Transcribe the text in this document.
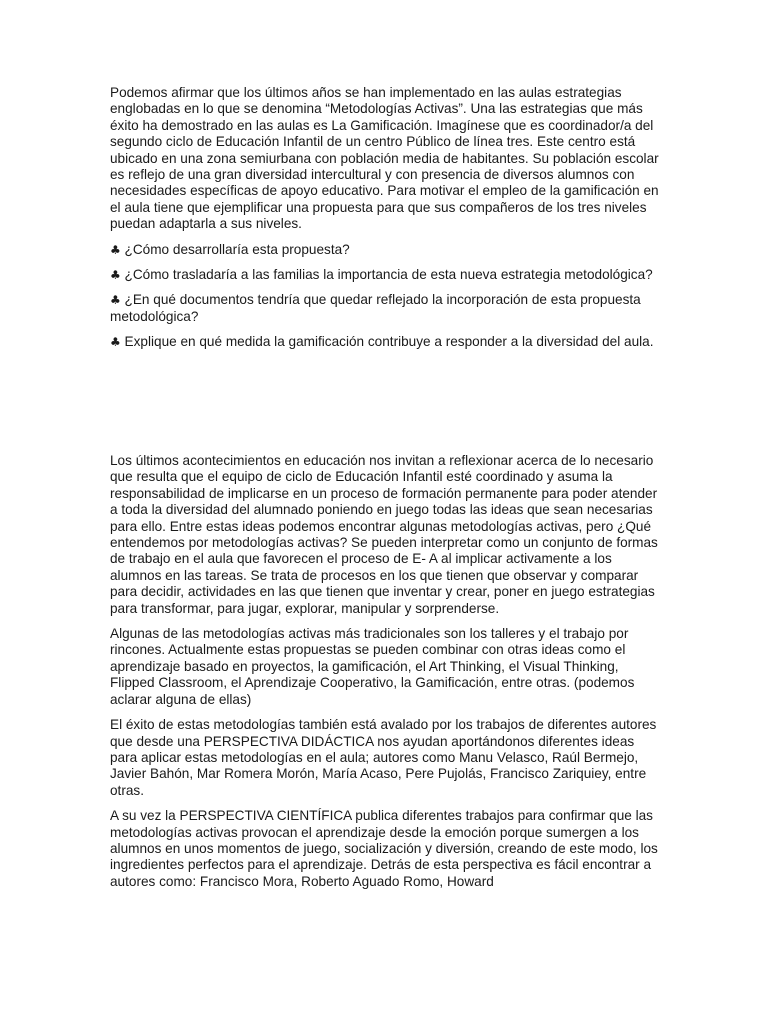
Podemos afirmar que los últimos años se han implementado en las aulas estrategias englobadas en lo que se denomina “Metodologías Activas”. Una las estrategias que más éxito ha demostrado en las aulas es La Gamificación. Imagínese que es coordinador/a del segundo ciclo de Educación Infantil de un centro Público de línea tres. Este centro está ubicado en una zona semiurbana con población media de habitantes. Su población escolar es reflejo de una gran diversidad intercultural y con presencia de diversos alumnos con necesidades específicas de apoyo educativo. Para motivar el empleo de la gamificación en el aula tiene que ejemplificar una propuesta para que sus compañeros de los tres niveles puedan adaptarla a sus niveles.

♣ ¿Cómo desarrollaría esta propuesta?

♣ ¿Cómo trasladaría a las familias la importancia de esta nueva estrategia metodológica?

♣ ¿En qué documentos tendría que quedar reflejado la incorporación de esta propuesta metodológica?

♣ Explique en qué medida la gamificación contribuye a responder a la diversidad del aula.

Los últimos acontecimientos en educación nos invitan a reflexionar acerca de lo necesario que resulta que el equipo de ciclo de Educación Infantil esté coordinado y asuma la responsabilidad de implicarse en un proceso de formación permanente para poder atender a toda la diversidad del alumnado poniendo en juego todas las ideas que sean necesarias para ello. Entre estas ideas podemos encontrar algunas metodologías activas, pero ¿Qué entendemos por metodologías activas? Se pueden interpretar como un conjunto de formas de trabajo en el aula que favorecen el proceso de E- A al implicar activamente a los alumnos en las tareas. Se trata de procesos en los que tienen que observar y comparar para decidir, actividades en las que tienen que inventar y crear, poner en juego estrategias para transformar, para jugar, explorar, manipular y sorprenderse.

Algunas de las metodologías activas más tradicionales son los talleres y el trabajo por rincones. Actualmente estas propuestas se pueden combinar con otras ideas como el aprendizaje basado en proyectos, la gamificación, el Art Thinking, el Visual Thinking, Flipped Classroom, el Aprendizaje Cooperativo, la Gamificación, entre otras. (podemos aclarar alguna de ellas)

El éxito de estas metodologías también está avalado por los trabajos de diferentes autores que desde una PERSPECTIVA DIDÁCTICA nos ayudan aportándonos diferentes ideas para aplicar estas metodologías en el aula; autores como Manu Velasco, Raúl Bermejo, Javier Bahón, Mar Romera Morón, María Acaso, Pere Pujolás, Francisco Zariquiey, entre otras.

A su vez la PERSPECTIVA CIENTÍFICA publica diferentes trabajos para confirmar que las metodologías activas provocan el aprendizaje desde la emoción porque sumergen a los alumnos en unos momentos de juego, socialización y diversión, creando de este modo, los ingredientes perfectos para el aprendizaje. Detrás de esta perspectiva es fácil encontrar a autores como: Francisco Mora, Roberto Aguado Romo, Howard
